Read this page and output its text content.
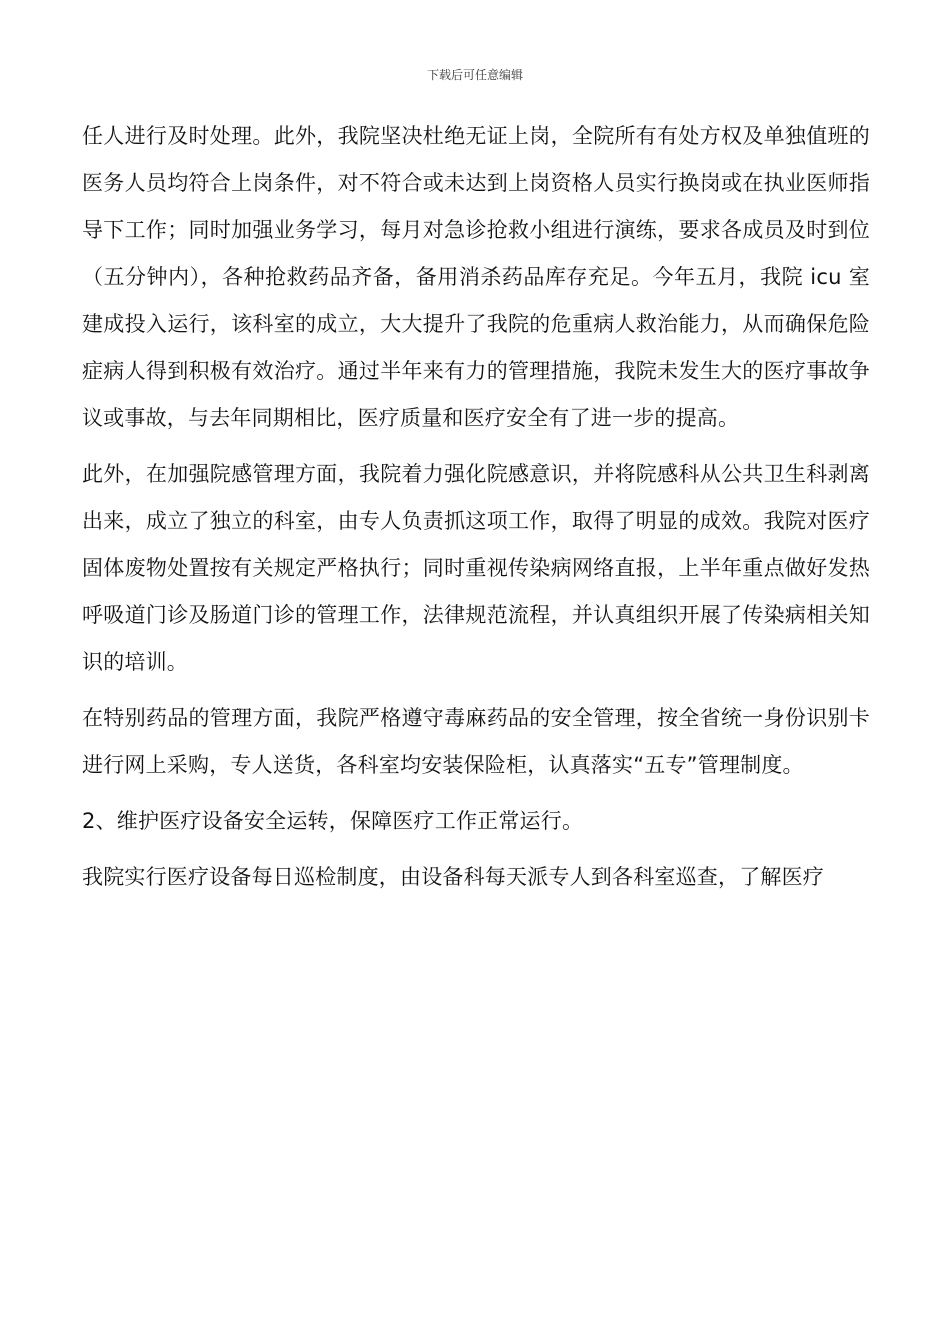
下载后可任意编辑

任人进行及时处理。此外，我院坚决杜绝无证上岗，全院所有有处方权及单独值班的医务人员均符合上岗条件，对不符合或未达到上岗资格人员实行换岗或在执业医师指导下工作；同时加强业务学习，每月对急诊抢救小组进行演练，要求各成员及时到位（五分钟内），各种抢救药品齐备，备用消杀药品库存充足。今年五月，我院 icu 室建成投入运行，该科室的成立，大大提升了我院的危重病人救治能力，从而确保危险症病人得到积极有效治疗。通过半年来有力的管理措施，我院未发生大的医疗事故争议或事故，与去年同期相比，医疗质量和医疗安全有了进一步的提高。

此外，在加强院感管理方面，我院着力强化院感意识，并将院感科从公共卫生科剥离出来，成立了独立的科室，由专人负责抓这项工作，取得了明显的成效。我院对医疗固体废物处置按有关规定严格执行；同时重视传染病网络直报，上半年重点做好发热呼吸道门诊及肠道门诊的管理工作，法律规范流程，并认真组织开展了传染病相关知识的培训。

在特别药品的管理方面，我院严格遵守毒麻药品的安全管理，按全省统一身份识别卡进行网上采购，专人送货，各科室均安装保险柜，认真落实“五专”管理制度。

2、维护医疗设备安全运转，保障医疗工作正常运行。

我院实行医疗设备每日巡检制度，由设备科每天派专人到各科室巡查，了解医疗
